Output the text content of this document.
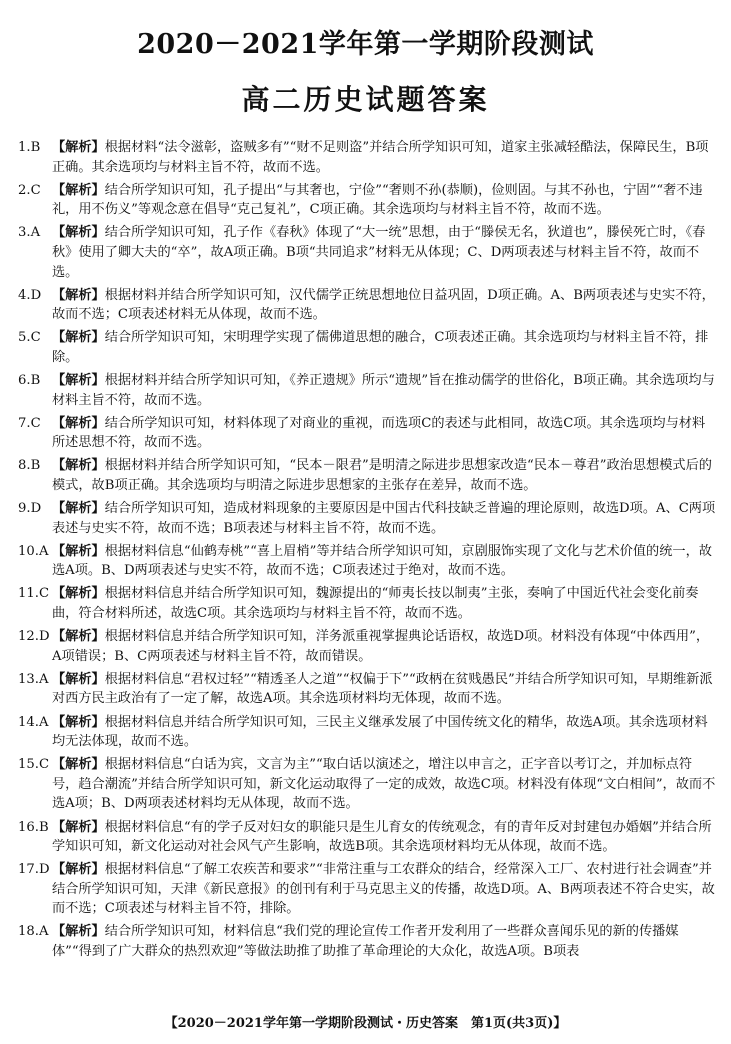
2020－2021学年第一学期阶段测试
高二历史试题答案
1.B 【解析】根据材料“法令滋彰，盗贼多有”“财不足则盗”并结合所学知识可知，道家主张减轻酷法，保障民生，B项正确。其余选项均与材料主旨不符，故而不选。
2.C 【解析】结合所学知识可知，孔子提出“与其奢也，宁俭”“奢则不孙(恭顺)，俭则固。与其不孙也，宁固”“奢不违礼，用不伤义”等观念意在倡导“克己复礼”，C项正确。其余选项均与材料主旨不符，故而不选。
3.A 【解析】结合所学知识可知，孔子作《春秋》体现了“大一统”思想，由于“滕侯无名，狄道也”，滕侯死亡时，《春秋》使用了卿大夫的“卒”，故A项正确。B项“共同追求”材料无从体现；C、D两项表述与材料主旨不符，故而不选。
4.D 【解析】根据材料并结合所学知识可知，汉代儒学正统思想地位日益巩固，D项正确。A、B两项表述与史实不符，故而不选；C项表述材料无从体现，故而不选。
5.C 【解析】结合所学知识可知，宋明理学实现了儒佛道思想的融合，C项表述正确。其余选项均与材料主旨不符，排除。
6.B 【解析】根据材料并结合所学知识可知，《养正遗规》所示“遗规”旨在推动儒学的世俗化，B项正确。其余选项均与材料主旨不符，故而不选。
7.C 【解析】结合所学知识可知，材料体现了对商业的重视，而选项C的表述与此相同，故选C项。其余选项均与材料所述思想不符，故而不选。
8.B 【解析】根据材料并结合所学知识可知，“民本－限君”是明清之际进步思想家改造“民本－尊君”政治思想模式后的模式，故B项正确。其余选项均与明清之际进步思想家的主张存在差异，故而不选。
9.D 【解析】结合所学知识可知，造成材料现象的主要原因是中国古代科技缺乏普遍的理论原则，故选D项。A、C两项表述与史实不符，故而不选；B项表述与材料主旨不符，故而不选。
10.A 【解析】根据材料信息“仙鹤寿桃”“喜上眉梢”等并结合所学知识可知，京剧服饰实现了文化与艺术价值的统一，故选A项。B、D两项表述与史实不符，故而不选；C项表述过于绝对，故而不选。
11.C 【解析】根据材料信息并结合所学知识可知，魏源提出的“师夷长技以制夷”主张，奏响了中国近代社会变化前奏曲，符合材料所述，故选C项。其余选项均与材料主旨不符，故而不选。
12.D 【解析】根据材料信息并结合所学知识可知，洋务派重视掌握典论话语权，故选D项。材料没有体现“中体西用”，A项错误；B、C两项表述与材料主旨不符，故而错误。
13.A 【解析】根据材料信息“君权过轻”“精透圣人之道”“权偏于下”“政柄在贫贱愚民”并结合所学知识可知，早期维新派对西方民主政治有了一定了解，故选A项。其余选项材料均无体现，故而不选。
14.A 【解析】根据材料信息并结合所学知识可知，三民主义继承发展了中国传统文化的精华，故选A项。其余选项材料均无法体现，故而不选。
15.C 【解析】根据材料信息“白话为宾，文言为主”“取白话以演述之，增注以申言之，正字音以考订之，并加标点符号，趋合潮流”并结合所学知识可知，新文化运动取得了一定的成效，故选C项。材料没有体现“文白相间”，故而不选A项；B、D两项表述材料均无从体现，故而不选。
16.B 【解析】根据材料信息“有的学子反对妇女的职能只是生儿育女的传统观念，有的青年反对封建包办婚姻”并结合所学知识可知，新文化运动对社会风气产生影响，故选B项。其余选项材料均无从体现，故而不选。
17.D 【解析】根据材料信息“了解工农疾苦和要求”“非常注重与工农群众的结合，经常深入工厂、农村进行社会调查”并结合所学知识可知，天津《新民意报》的创刊有利于马克思主义的传播，故选D项。A、B两项表述不符合史实，故而不选；C项表述与材料主旨不符，排除。
18.A 【解析】结合所学知识可知，材料信息“我们党的理论宣传工作者开发利用了一些群众喜闻乐见的新的传播媒体”“得到了广大群众的热烈欢迎”等做法助推了助推了革命理论的大众化，故选A项。B项表
【2020－2021学年第一学期阶段测试・历史答案　第1页(共3页)】
